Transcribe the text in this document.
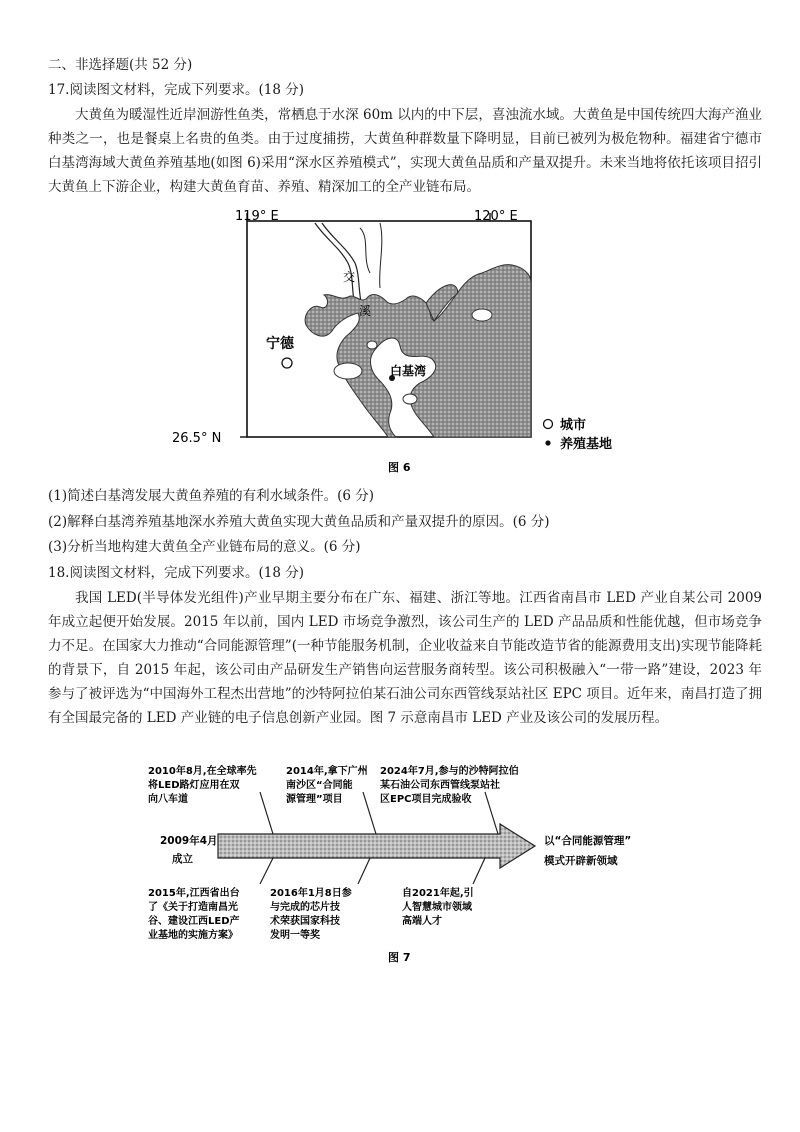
二、非选择题(共 52 分)
17.阅读图文材料，完成下列要求。(18 分)
大黄鱼为暖湿性近岸洄游性鱼类，常栖息于水深 60m 以内的中下层，喜浊流水域。大黄鱼是中国传统四大海产渔业种类之一，也是餐桌上名贵的鱼类。由于过度捕捞，大黄鱼种群数量下降明显，目前已被列为极危物种。福建省宁德市白基湾海域大黄鱼养殖基地(如图 6)采用“深水区养殖模式”，实现大黄鱼品质和产量双提升。未来当地将依托该项目招引大黄鱼上下游企业，构建大黄鱼育苗、养殖、精深加工的全产业链布局。
119° E	120° E
26.5° N
交
溪
宁德
白基湾
城市
养殖基地
图 6
(1)简述白基湾发展大黄鱼养殖的有利水域条件。(6 分)
(2)解释白基湾养殖基地深水养殖大黄鱼实现大黄鱼品质和产量双提升的原因。(6 分)
(3)分析当地构建大黄鱼全产业链布局的意义。(6 分)
18.阅读图文材料，完成下列要求。(18 分)
我国 LED(半导体发光组件)产业早期主要分布在广东、福建、浙江等地。江西省南昌市 LED 产业自某公司 2009 年成立起便开始发展。2015 年以前，国内 LED 市场竞争激烈，该公司生产的 LED 产品品质和性能优越，但市场竞争力不足。在国家大力推动“合同能源管理”(一种节能服务机制，企业收益来自节能改造节省的能源费用支出)实现节能降耗的背景下，自 2015 年起，该公司由产品研发生产销售向运营服务商转型。该公司积极融入“一带一路”建设，2023 年参与了被评选为“中国海外工程杰出营地”的沙特阿拉伯某石油公司东西管线泵站社区 EPC 项目。近年来，南昌打造了拥有全国最完备的 LED 产业链的电子信息创新产业园。图 7 示意南昌市 LED 产业及该公司的发展历程。
2010年8月,在全球率先
将LED路灯应用在双
向八车道
2014年,拿下广州
南沙区“合同能
源管理”项目
2024年7月,参与的沙特阿拉伯
某石油公司东西管线泵站社
区EPC项目完成验收
2009年4月
成立
以“合同能源管理”
模式开辟新领域
2015年,江西省出台
了《关于打造南昌光
谷、建设江西LED产
业基地的实施方案》
2016年1月8日参
与完成的芯片技
术荣获国家科技
发明一等奖
自2021年起,引
人智慧城市领域
高端人才
图 7
